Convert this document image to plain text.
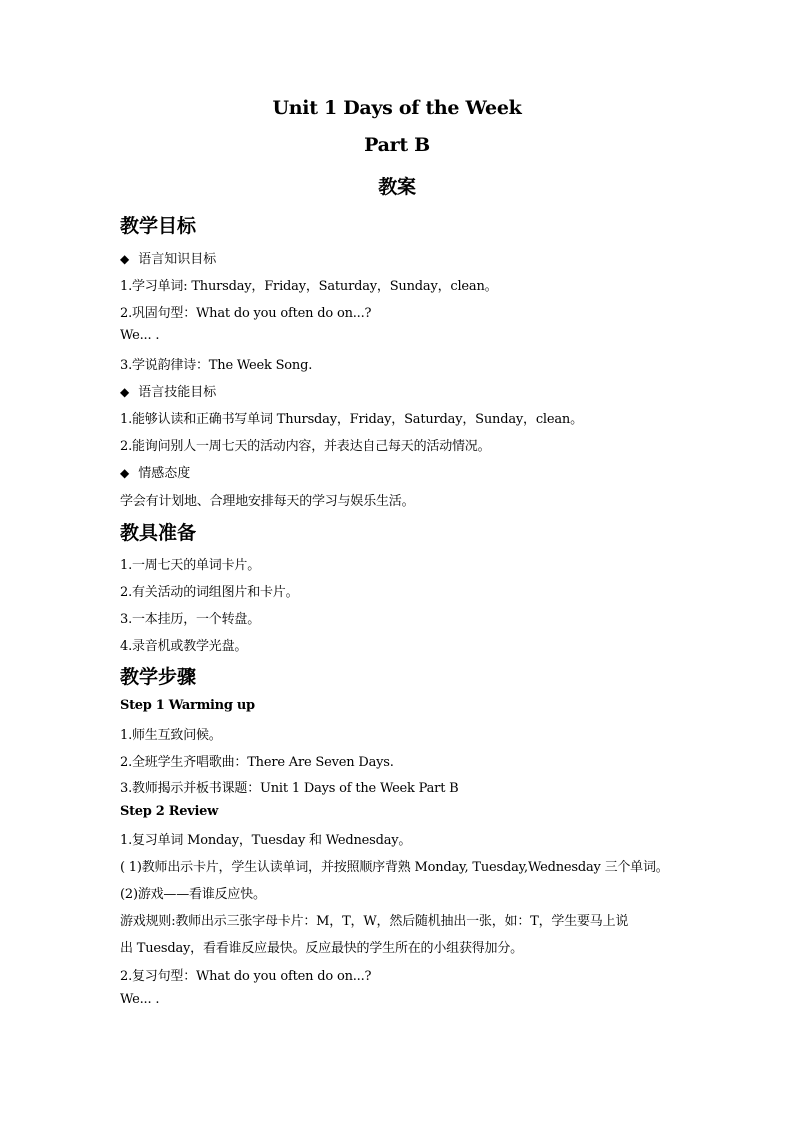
Unit 1 Days of the Week
Part B
教案
教学目标
◆ 语言知识目标
1.学习单词: Thursday，Friday，Saturday，Sunday，clean。
2.巩固句型：What do you often do on...?
We... .
3.学说韵律诗：The Week Song.
◆ 语言技能目标
1.能够认读和正确书写单词 Thursday，Friday，Saturday，Sunday，clean。
2.能询问别人一周七天的活动内容，并表达自己每天的活动情况。
◆ 情感态度
学会有计划地、合理地安排每天的学习与娱乐生活。
教具准备
1.一周七天的单词卡片。
2.有关活动的词组图片和卡片。
3.一本挂历，一个转盘。
4.录音机或教学光盘。
教学步骤
Step 1 Warming up
1.师生互致问候。
2.全班学生齐唱歌曲：There Are Seven Days.
3.教师揭示并板书课题：Unit 1 Days of the Week Part B
Step 2 Review
1.复习单词 Monday，Tuesday 和 Wednesday。
( 1)教师出示卡片，学生认读单词，并按照顺序背熟 Monday, Tuesday,Wednesday 三个单词。
(2)游戏——看谁反应快。
游戏规则:教师出示三张字母卡片：M，T，W，然后随机抽出一张，如：T，学生要马上说
出 Tuesday，看看谁反应最快。反应最快的学生所在的小组获得加分。
2.复习句型：What do you often do on...?
We... .
